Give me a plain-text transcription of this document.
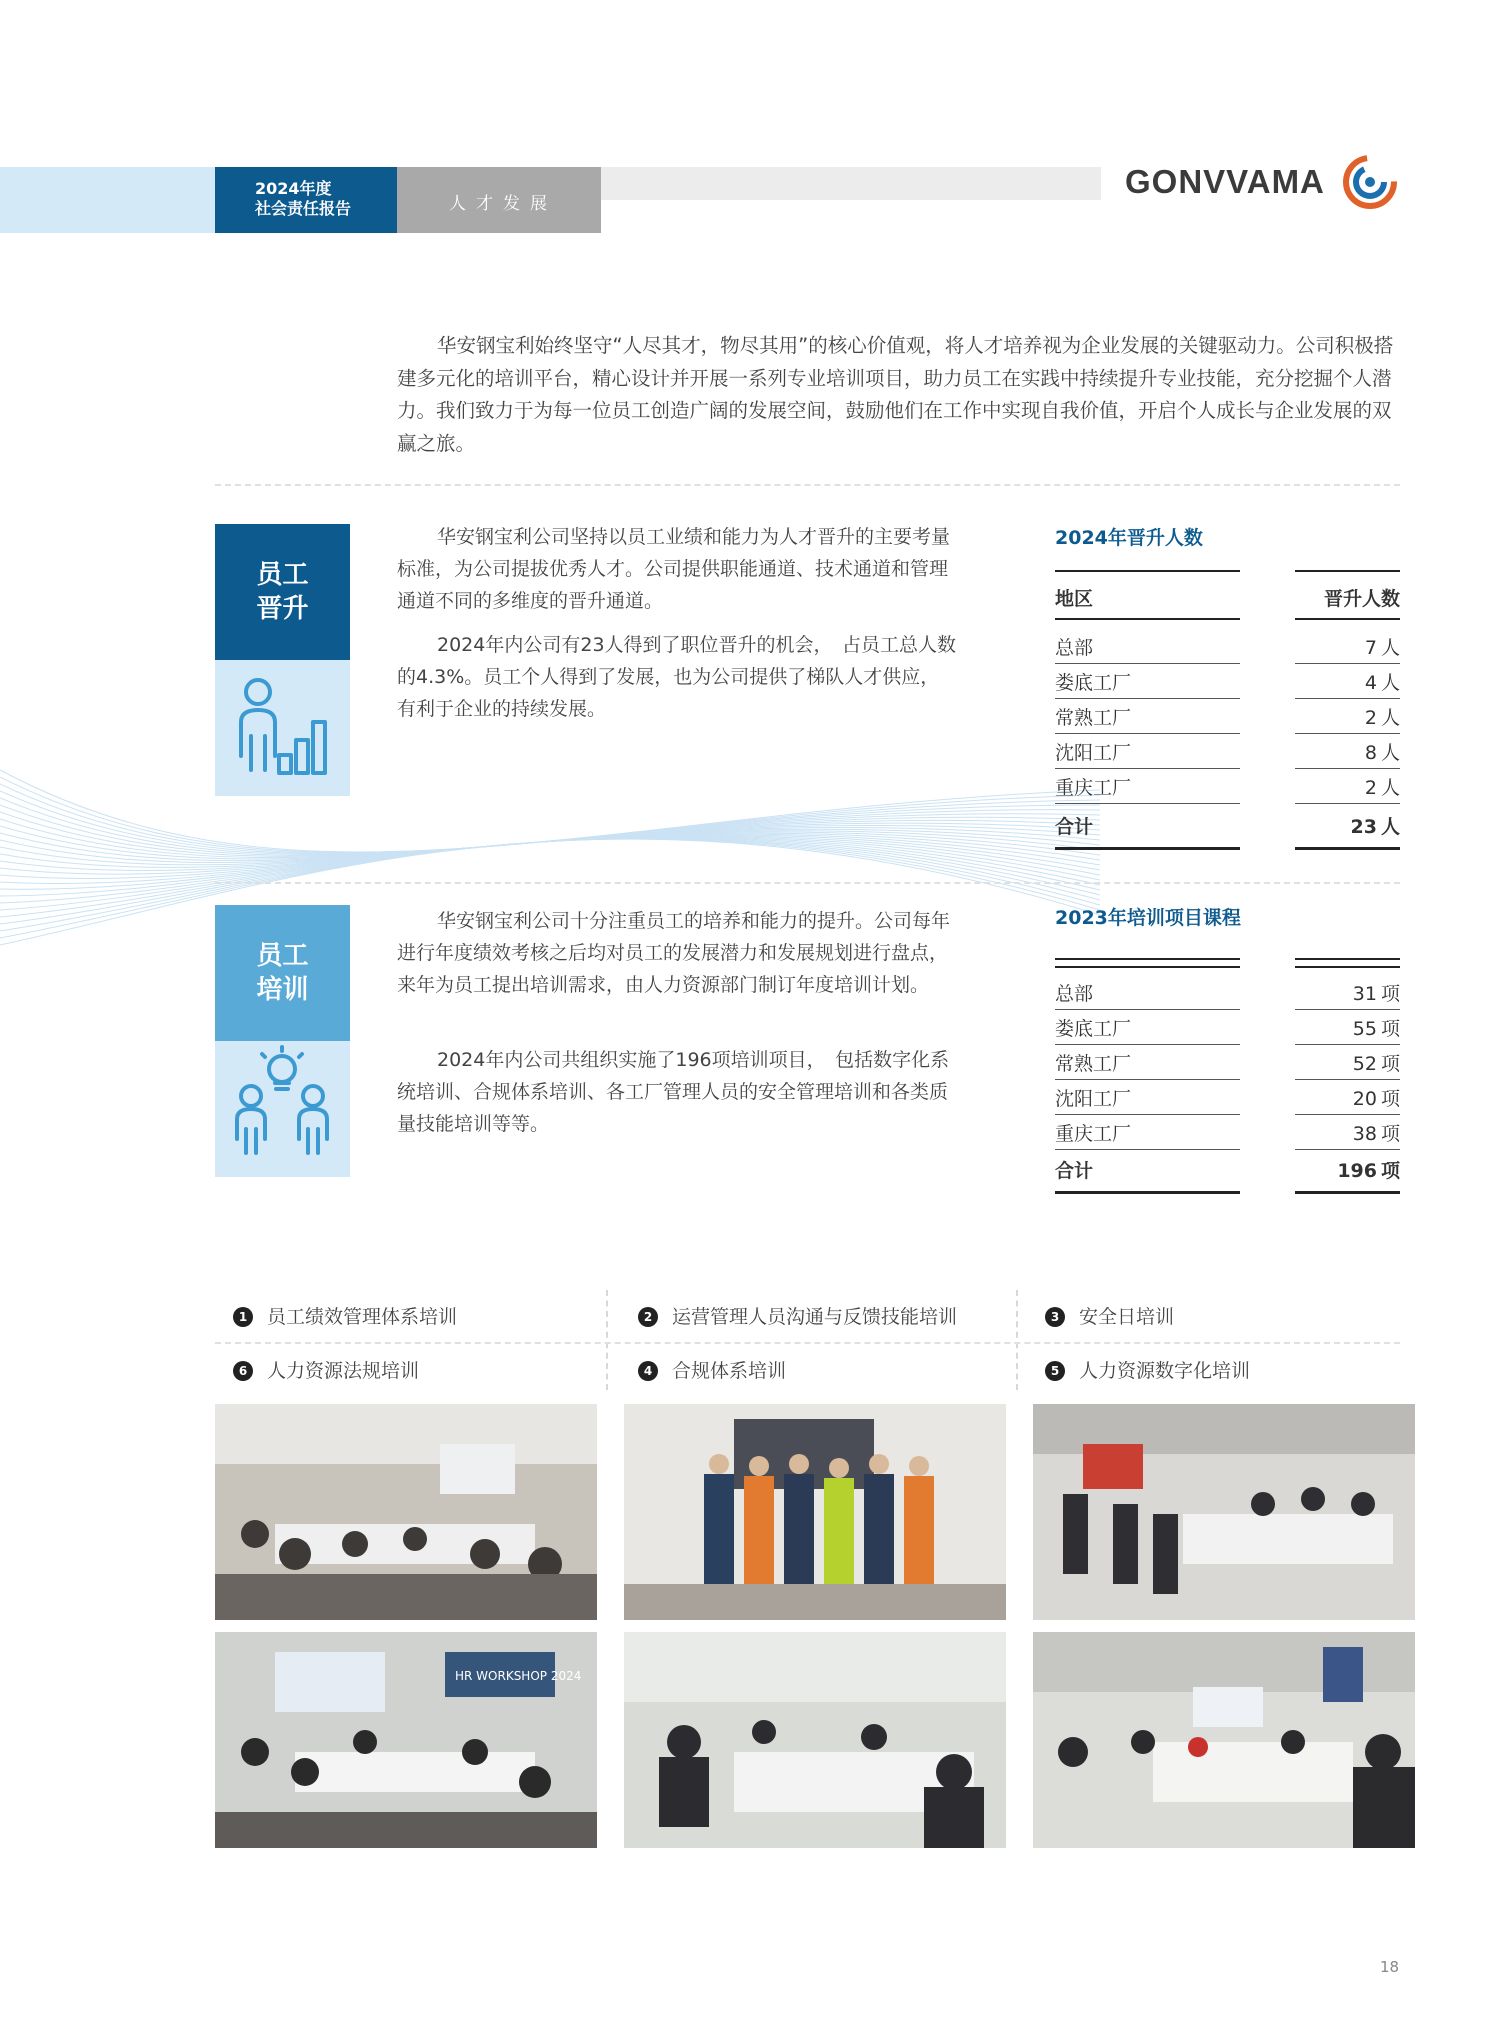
2024年度
社会责任报告	人才发展
GONVVAMA

华安钢宝利始终坚守“人尽其才，物尽其用”的核心价值观，将人才培养视为企业发展的关键驱动力。公司积极搭建多元化的培训平台，精心设计并开展一系列专业培训项目，助力员工在实践中持续提升专业技能，充分挖掘个人潜力。我们致力于为每一位员工创造广阔的发展空间，鼓励他们在工作中实现自我价值，开启个人成长与企业发展的双赢之旅。

员工
晋升

华安钢宝利公司坚持以员工业绩和能力为人才晋升的主要考量标准，为公司提拔优秀人才。公司提供职能通道、技术通道和管理通道不同的多维度的晋升通道。

2024年内公司有23人得到了职位晋升的机会，　占员工总人数的4.3%。员工个人得到了发展，也为公司提供了梯队人才供应，　有利于企业的持续发展。

2024年晋升人数
地区	晋升人数
总部	7 人
娄底工厂	4 人
常熟工厂	2 人
沈阳工厂	8 人
重庆工厂	2 人
合计	23 人
员工
培训

华安钢宝利公司十分注重员工的培养和能力的提升。公司每年进行年度绩效考核之后均对员工的发展潜力和发展规划进行盘点，来年为员工提出培训需求，由人力资源部门制订年度培训计划。

2024年内公司共组织实施了196项培训项目，　包括数字化系统培训、合规体系培训、各工厂管理人员的安全管理培训和各类质量技能培训等等。

2023年培训项目课程
总部	31 项
娄底工厂	55 项
常熟工厂	52 项
沈阳工厂	20 项
重庆工厂	38 项
合计	196 项
1 员工绩效管理体系培训	2 运营管理人员沟通与反馈技能培训	3 安全日培训
6 人力资源法规培训	4 合规体系培训	5 人力资源数字化培训
HR WORKSHOP 2024
18
